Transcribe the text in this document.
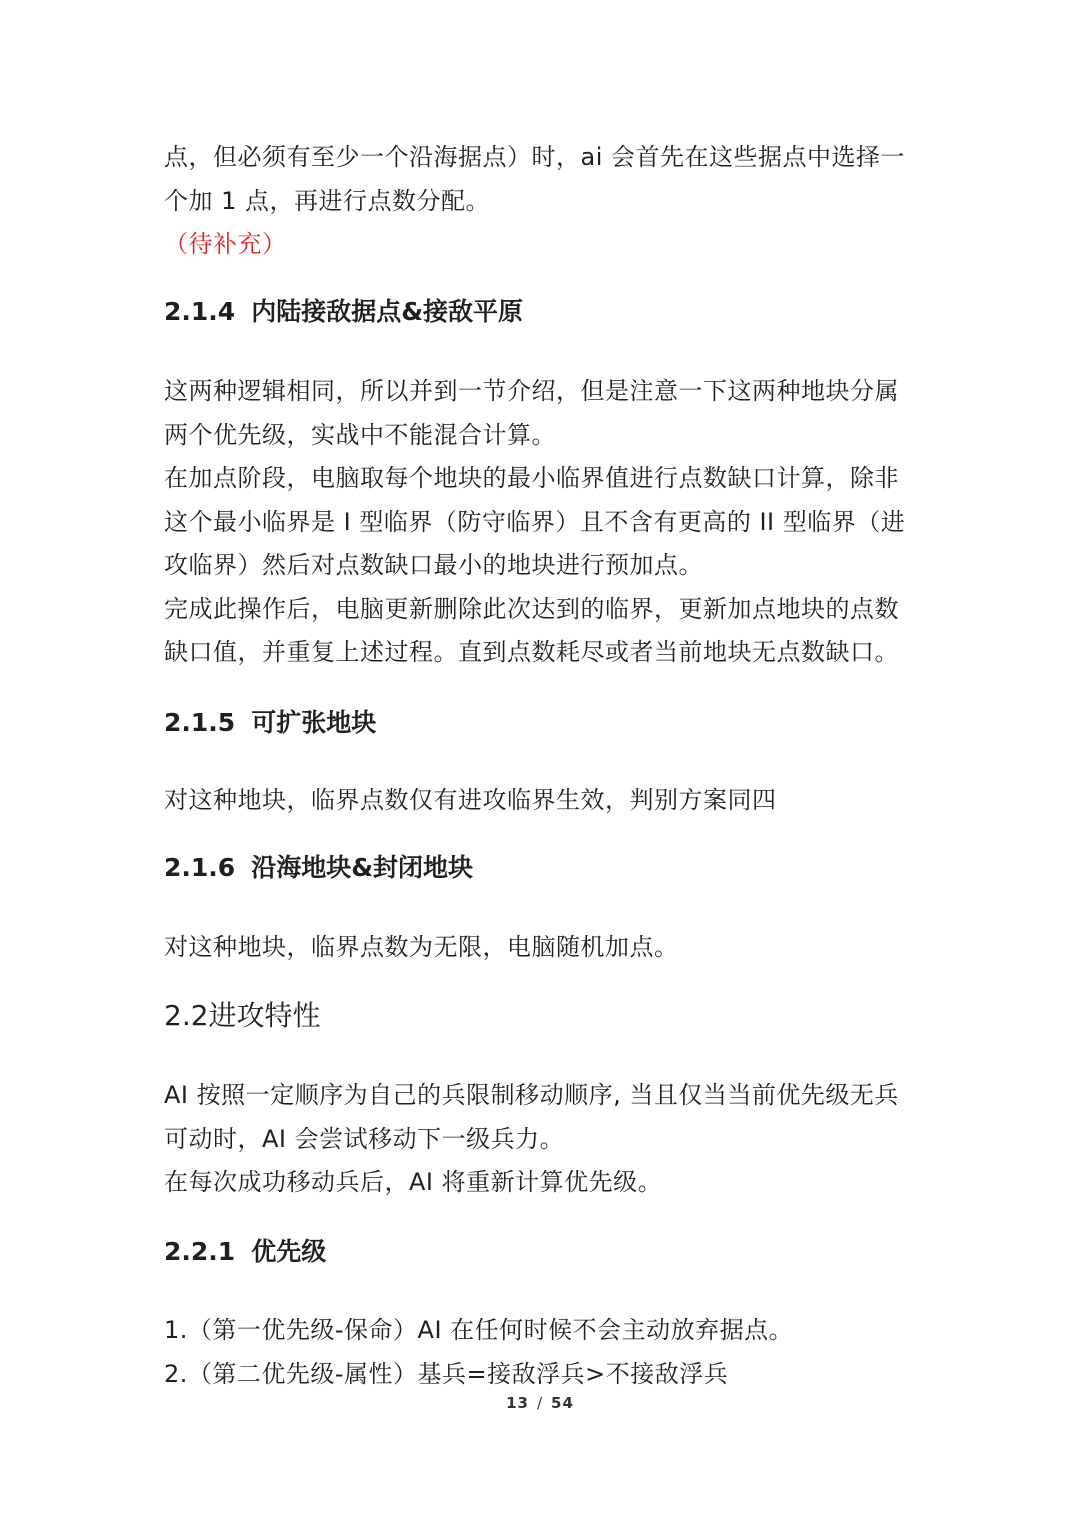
点，但必须有至少一个沿海据点）时，ai 会首先在这些据点中选择一
个加 1 点，再进行点数分配。
（待补充）

2.1.4 内陆接敌据点&接敌平原

这两种逻辑相同，所以并到一节介绍，但是注意一下这两种地块分属
两个优先级，实战中不能混合计算。
在加点阶段，电脑取每个地块的最小临界值进行点数缺口计算，除非
这个最小临界是 I 型临界（防守临界）且不含有更高的 II 型临界（进
攻临界）然后对点数缺口最小的地块进行预加点。
完成此操作后，电脑更新删除此次达到的临界，更新加点地块的点数
缺口值，并重复上述过程。直到点数耗尽或者当前地块无点数缺口。

2.1.5 可扩张地块

对这种地块，临界点数仅有进攻临界生效，判别方案同四

2.1.6 沿海地块&封闭地块

对这种地块，临界点数为无限，电脑随机加点。

2.2进攻特性

AI 按照一定顺序为自己的兵限制移动顺序, 当且仅当当前优先级无兵
可动时，AI 会尝试移动下一级兵力。
在每次成功移动兵后，AI 将重新计算优先级。

2.2.1 优先级

1.（第一优先级-保命）AI 在任何时候不会主动放弃据点。
2.（第二优先级-属性）基兵=接敌浮兵>不接敌浮兵

13 / 54
